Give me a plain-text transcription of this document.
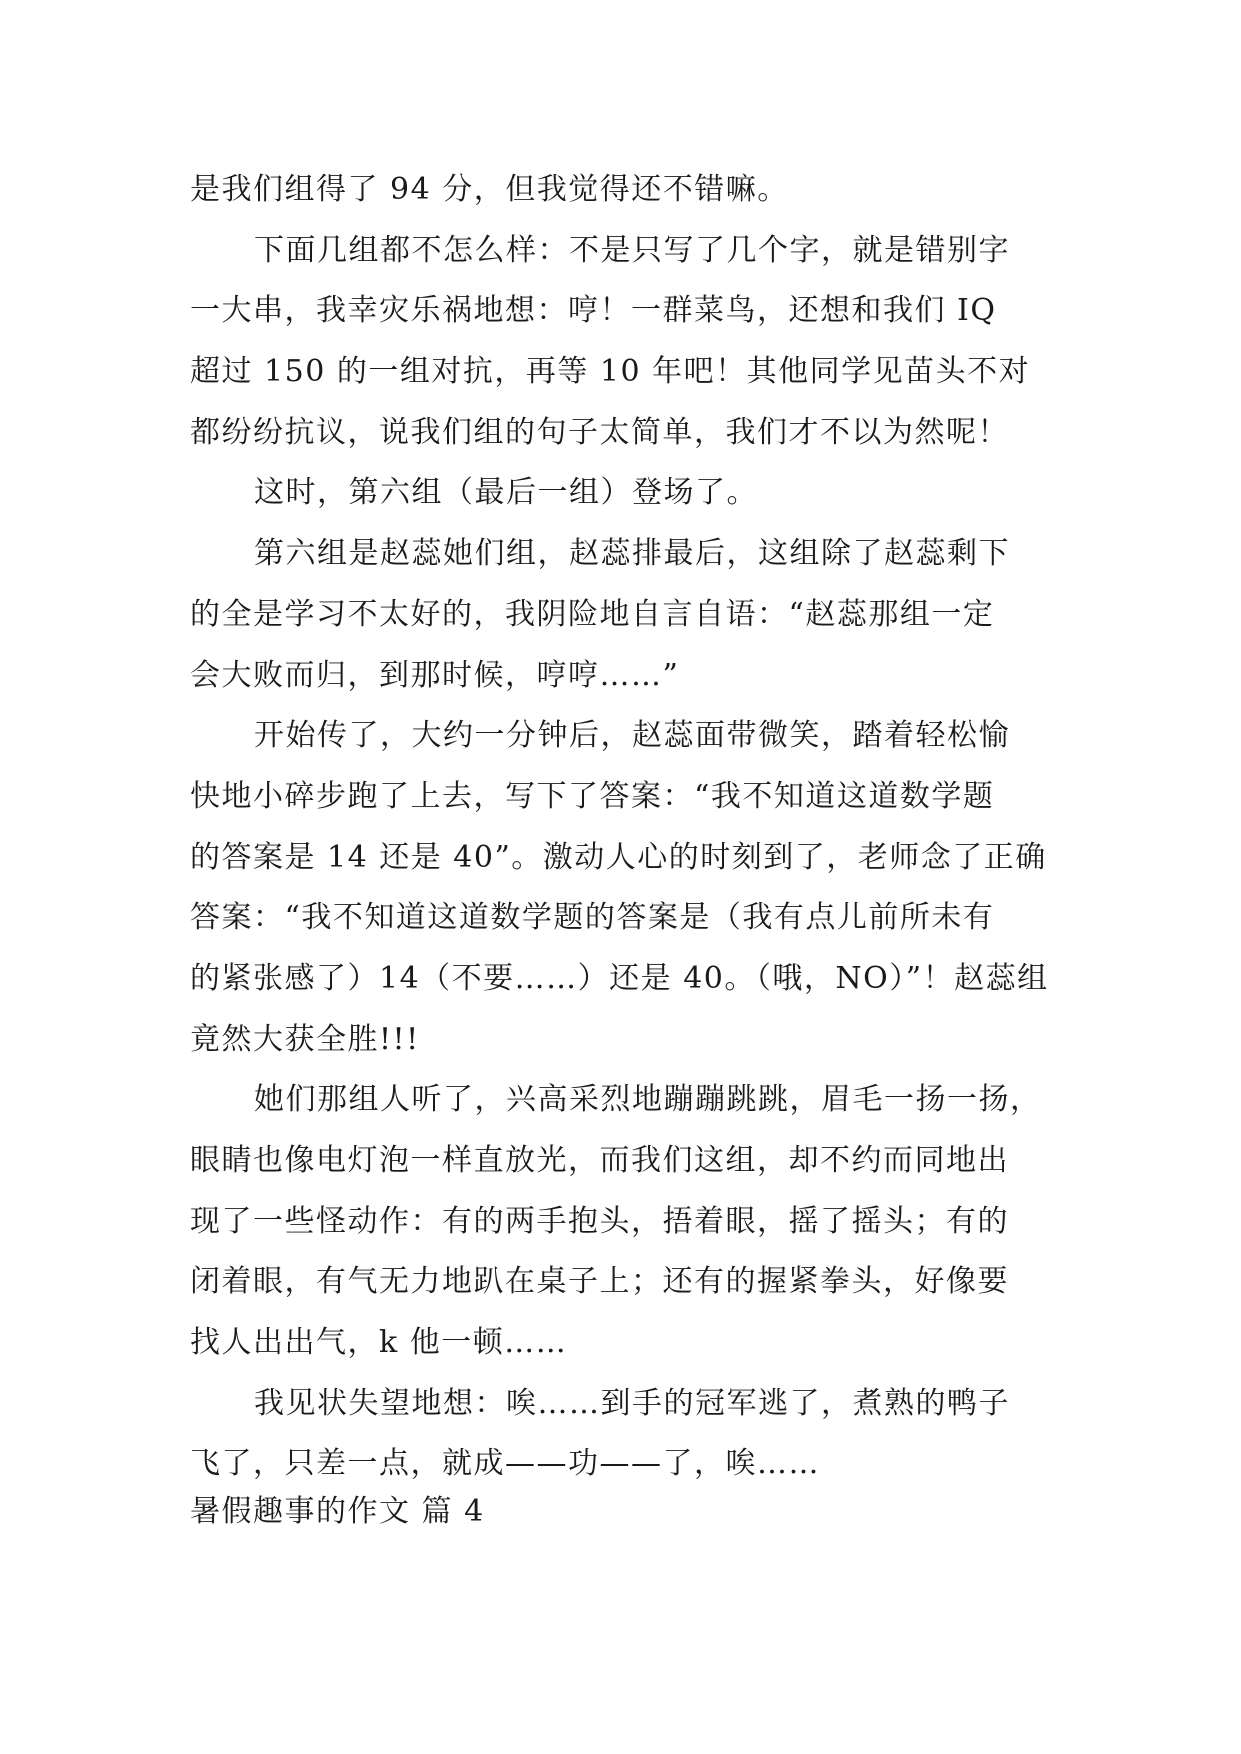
是我们组得了 94 分，但我觉得还不错嘛。
下面几组都不怎么样：不是只写了几个字，就是错别字
一大串，我幸灾乐祸地想：哼！一群菜鸟，还想和我们 IQ
超过 150 的一组对抗，再等 10 年吧！其他同学见苗头不对
都纷纷抗议，说我们组的句子太简单，我们才不以为然呢！
这时，第六组（最后一组）登场了。
第六组是赵蕊她们组，赵蕊排最后，这组除了赵蕊剩下
的全是学习不太好的，我阴险地自言自语：“赵蕊那组一定
会大败而归，到那时候，哼哼……”
开始传了，大约一分钟后，赵蕊面带微笑，踏着轻松愉
快地小碎步跑了上去，写下了答案：“我不知道这道数学题
的答案是 14 还是 40”。激动人心的时刻到了，老师念了正确
答案：“我不知道这道数学题的答案是（我有点儿前所未有
的紧张感了）14（不要……）还是 40。（哦，NO）”！赵蕊组
竟然大获全胜!!!
她们那组人听了，兴高采烈地蹦蹦跳跳，眉毛一扬一扬，
眼睛也像电灯泡一样直放光，而我们这组，却不约而同地出
现了一些怪动作：有的两手抱头，捂着眼，摇了摇头；有的
闭着眼，有气无力地趴在桌子上；还有的握紧拳头，好像要
找人出出气，k 他一顿……
我见状失望地想：唉……到手的冠军逃了，煮熟的鸭子
飞了，只差一点，就成——功——了，唉……
暑假趣事的作文 篇 4
